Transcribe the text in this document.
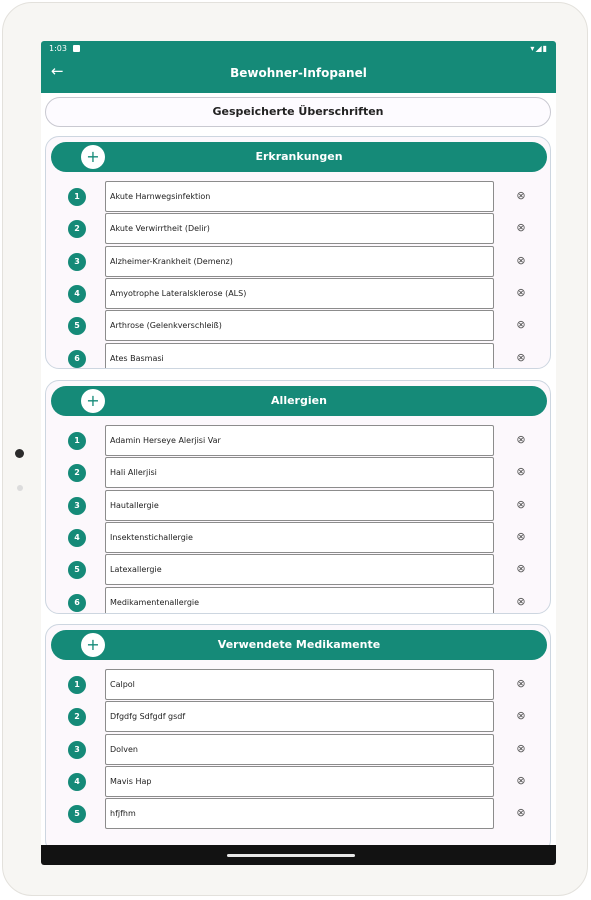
1:03	▾◢▮
←	Bewohner-Infopanel
Gespeicherte Überschriften
+	Erkrankungen
1	Akute Harnwegsinfektion	⊗
2	Akute Verwirrtheit (Delir)	⊗
3	Alzheimer-Krankheit (Demenz)	⊗
4	Amyotrophe Lateralsklerose (ALS)	⊗
5	Arthrose (Gelenkverschleiß)	⊗
6	Ates Basmasi	⊗
+	Allergien
1	Adamin Herseye Alerjisi Var	⊗
2	Hali Allerjisi	⊗
3	Hautallergie	⊗
4	Insektenstichallergie	⊗
5	Latexallergie	⊗
6	Medikamentenallergie	⊗
+	Verwendete Medikamente
1	Calpol	⊗
2	Dfgdfg Sdfgdf gsdf	⊗
3	Dolven	⊗
4	Mavis Hap	⊗
5	hfjfhm	⊗
